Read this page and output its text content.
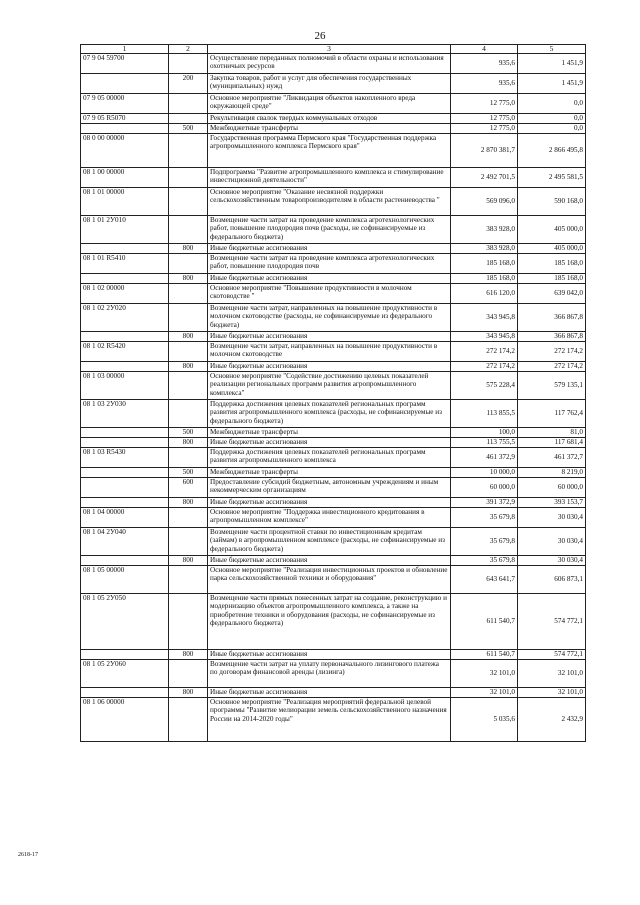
26
1	2	3	4	5
07 9 04 59700		Осуществление переданных полномочий в области охраны и использования охотничьих ресурсов	935,6	1 451,9
	200	Закупка товаров, работ и услуг для обеспечения государственных (муниципальных) нужд	935,6	1 451,9
07 9 05 00000		Основное мероприятие "Ликвидация объектов накопленного вреда окружающей среде"	12 775,0	0,0
07 9 05 R5070		Рекультивация свалок твердых коммунальных отходов	12 775,0	0,0
	500	Межбюджетные трансферты	12 775,0	0,0
08 0 00 00000		Государственная программа Пермского края "Государственная поддержка агропромышленного комплекса Пермского края"	2 870 381,7	2 866 495,8
08 1 00 00000		Подпрограмма "Развитие агропромышленного комплекса и стимулирование инвестиционной деятельности"	2 492 701,5	2 495 581,5
08 1 01 00000		Основное мероприятие "Оказание несвязной поддержки сельскохозяйственным товаропроизводителям в области растениеводства "	569 096,0	590 168,0
08 1 01 2У010		Возмещение части затрат на проведение комплекса агротехнологических работ, повышение плодородия почв (расходы, не софинансируемые из федерального бюджета)	383 928,0	405 000,0
	800	Иные бюджетные ассигнования	383 928,0	405 000,0
08 1 01 R5410		Возмещение части затрат на проведение комплекса агротехнологических работ, повышение плодородия почв	185 168,0	185 168,0
	800	Иные бюджетные ассигнования	185 168,0	185 168,0
08 1 02 00000		Основное мероприятие "Повышение продуктивности в молочном скотоводстве "	616 120,0	639 042,0
08 1 02 2У020		Возмещение части затрат, направленных на повышение продуктивности в молочном скотоводстве (расходы, не софинансируемые из федерального бюджета)	343 945,8	366 867,8
	800	Иные бюджетные ассигнования	343 945,8	366 867,8
08 1 02 R5420		Возмещение части затрат, направленных на повышение продуктивности в молочном скотоводстве	272 174,2	272 174,2
	800	Иные бюджетные ассигнования	272 174,2	272 174,2
08 1 03 00000		Основное мероприятие "Содействие достижению целевых показателей реализации региональных программ развития агропромышленного комплекса"	575 228,4	579 135,1
08 1 03 2У030		Поддержка достижения целевых показателей региональных программ развития агропромышленного комплекса (расходы, не софинансируемые из федерального бюджета)	113 855,5	117 762,4
	500	Межбюджетные трансферты	100,0	81,0
	800	Иные бюджетные ассигнования	113 755,5	117 681,4
08 1 03 R5430		Поддержка достижения целевых показателей региональных программ развития агропромышленного комплекса	461 372,9	461 372,7
	500	Межбюджетные трансферты	10 000,0	8 219,0
	600	Предоставление субсидий бюджетным, автономным учреждениям и иным некоммерческим организациям	60 000,0	60 000,0
	800	Иные бюджетные ассигнования	391 372,9	393 153,7
08 1 04 00000		Основное мероприятие "Поддержка инвестиционного кредитования в агропромышленном комплексе"	35 679,8	30 030,4
08 1 04 2У040		Возмещение части процентной ставки по инвестиционным кредитам (займам) в агропромышленном комплексе (расходы, не софинансируемые из федерального бюджета)	35 679,8	30 030,4
	800	Иные бюджетные ассигнования	35 679,8	30 030,4
08 1 05 00000		Основное мероприятие "Реализация инвестиционных проектов и обновление парка сельскохозяйственной техники и оборудования"	643 641,7	606 873,1
08 1 05 2У050		Возмещение части прямых понесенных затрат на создание, реконструкцию и модернизацию объектов агропромышленного комплекса, а также на приобретение техники и оборудования (расходы, не софинансируемые из федерального бюджета)	611 540,7	574 772,1
	800	Иные бюджетные ассигнования	611 540,7	574 772,1
08 1 05 2У060		Возмещение части затрат на уплату первоначального лизингового платежа по договорам финансовой аренды (лизинга)	32 101,0	32 101,0
	800	Иные бюджетные ассигнования	32 101,0	32 101,0
08 1 06 00000		Основное мероприятие "Реализация мероприятий федеральной целевой программы "Развитие мелиорации земель сельскохозяйственного назначения России на 2014-2020 годы"	5 035,6	2 432,9
2618-17
